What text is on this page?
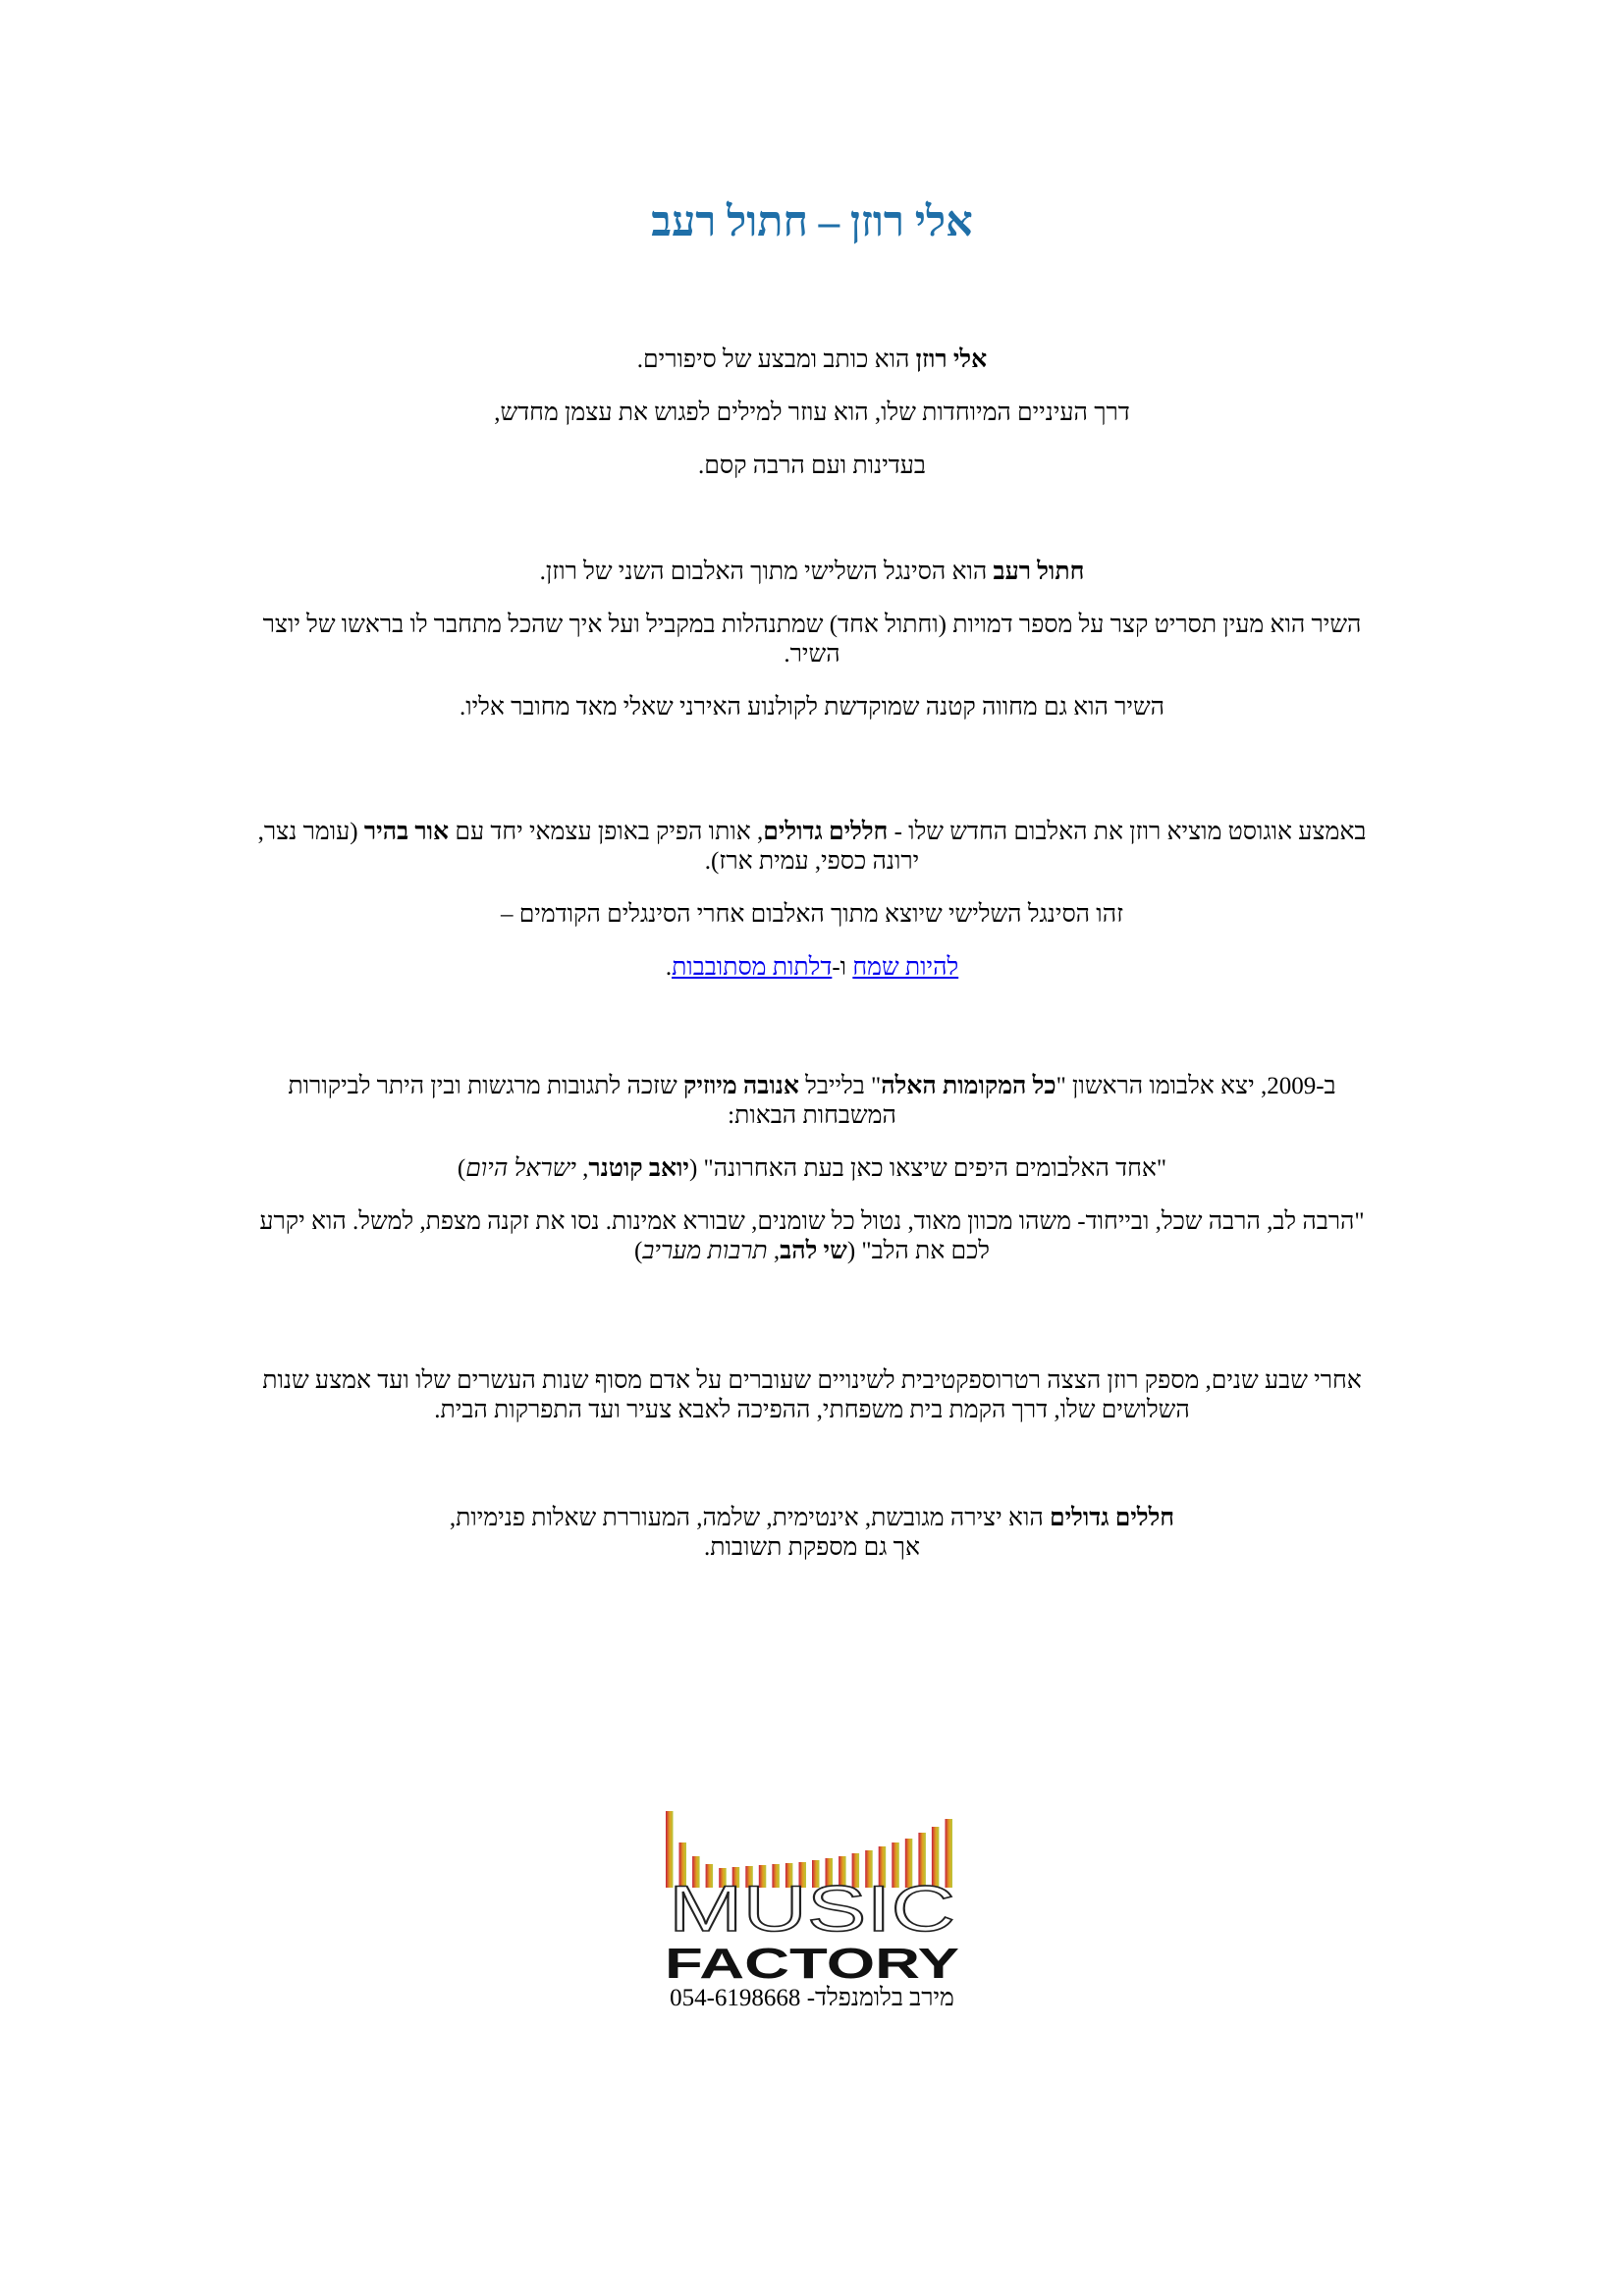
אלי רוזן – חתול רעב

אלי רוזן הוא כותב ומבצע של סיפורים.

דרך העיניים המיוחדות שלו, הוא עוזר למילים לפגוש את עצמן מחדש,

בעדינות ועם הרבה קסם.

חתול רעב הוא הסינגל השלישי מתוך האלבום השני של רוזן.

השיר הוא מעין תסריט קצר על מספר דמויות (וחתול אחד) שמתנהלות במקביל ועל איך שהכל מתחבר לו בראשו של יוצר השיר.

השיר הוא גם מחווה קטנה שמוקדשת לקולנוע האירני שאלי מאד מחובר אליו.

באמצע אוגוסט מוציא רוזן את האלבום החדש שלו - חללים גדולים, אותו הפיק באופן עצמאי יחד עם אור בהיר (עומר נצר, ירונה כספי, עמית ארז).

זהו הסינגל השלישי שיוצא מתוך האלבום אחרי הסינגלים הקודמים –

להיות שמח ו-דלתות מסתובבות.

ב-2009, יצא אלבומו הראשון "כל המקומות האלה" בלייבל אנובה מיוזיק שזכה לתגובות מרגשות ובין היתר לביקורות המשבחות הבאות:

"אחד האלבומים היפים שיצאו כאן בעת האחרונה" (יואב קוטנר, ישראל היום)

"הרבה לב, הרבה שכל, ובייחוד- משהו מכוון מאוד, נטול כל שומנים, שבורא אמינות. נסו את זקנה מצפת, למשל. הוא יקרע לכם את הלב" (שי להב, תרבות מעריב)

אחרי שבע שנים, מספק רוזן הצצה רטרוספקטיבית לשינויים שעוברים על אדם מסוף שנות העשרים שלו ועד אמצע שנות השלושים שלו, דרך הקמת בית משפחתי, ההפיכה לאבא צעיר ועד התפרקות הבית.

חללים גדולים הוא יצירה מגובשת, אינטימית, שלמה, המעוררת שאלות פנימיות,
אך גם מספקת תשובות.

MUSIC
FACTORY
מירב בלומנפלד- 054-6198668
